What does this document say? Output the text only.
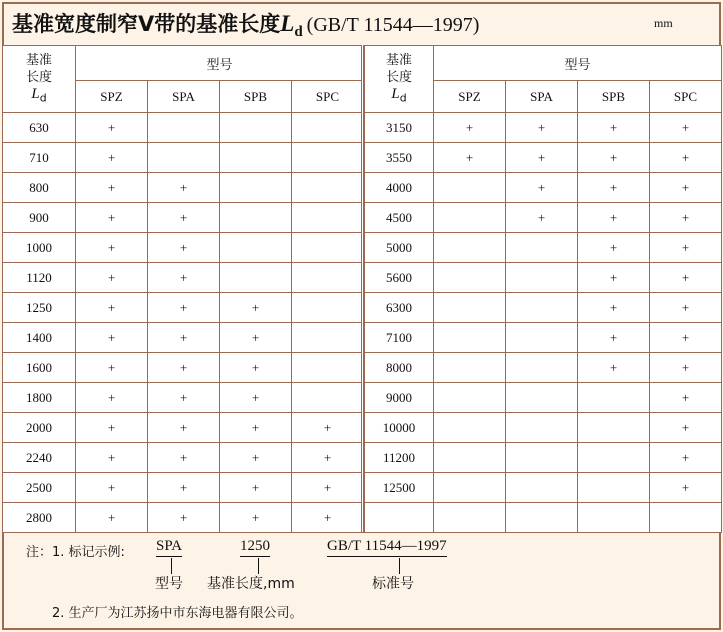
基准宽度制窄V带的基准长度$L_d$ (GB/T 11544—1997)	mm
基准
长度
$L_d$	型号			
	SPZ	SPA	SPB	SPC
630	+			
710	+			
800	+	+		
900	+	+		
1000	+	+		
1120	+	+		
1250	+	+	+	
1400	+	+	+	
1600	+	+	+	
1800	+	+	+	
2000	+	+	+	+
2240	+	+	+	+
2500	+	+	+	+
2800	+	+	+	+
基准
长度
$L_d$	型号			
	SPZ	SPA	SPB	SPC
3150	+	+	+	+
3550	+	+	+	+
4000		+	+	+
4500		+	+	+
5000			+	+
5600			+	+
6300			+	+
7100			+	+
8000			+	+
9000				+
10000				+
11200				+
12500				+

注：1. 标记示例: SPA	1250	GB/T 11544—1997
型号 基准长度,mm	标准号
2. 生产厂为江苏扬中市东海电器有限公司。
